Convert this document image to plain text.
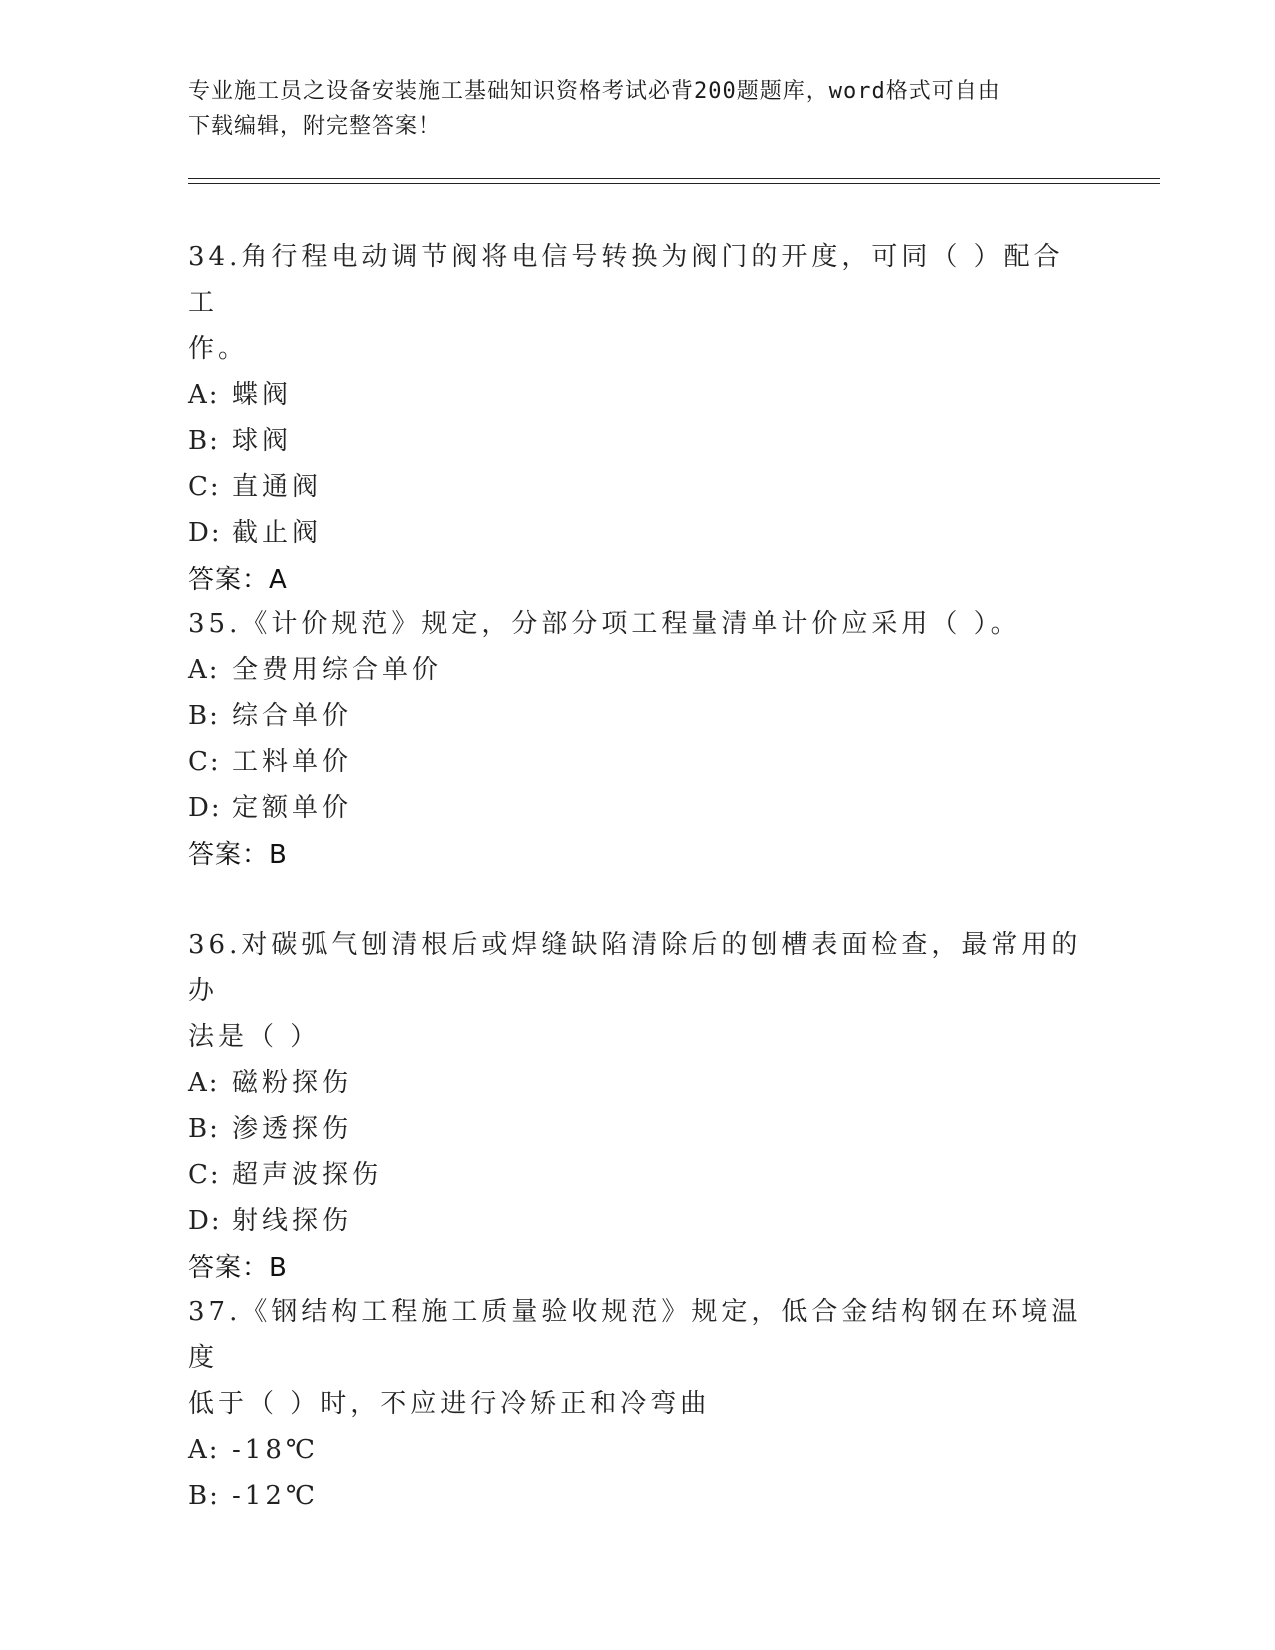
专业施工员之设备安装施工基础知识资格考试必背200题题库，word格式可自由
下载编辑，附完整答案！

34.角行程电动调节阀将电信号转换为阀门的开度，可同（ ）配合工
作。

A: 蝶阀

B: 球阀

C: 直通阀

D: 截止阀

答案：A

35.《计价规范》规定，分部分项工程量清单计价应采用（ ）。

A: 全费用综合单价

B: 综合单价

C: 工料单价

D: 定额单价

答案：B

36.对碳弧气刨清根后或焊缝缺陷清除后的刨槽表面检查，最常用的办
法是（ ）

A: 磁粉探伤

B: 渗透探伤

C: 超声波探伤

D: 射线探伤

答案：B

37.《钢结构工程施工质量验收规范》规定，低合金结构钢在环境温度
低于（ ）时，不应进行冷矫正和冷弯曲

A: -18℃

B: -12℃
